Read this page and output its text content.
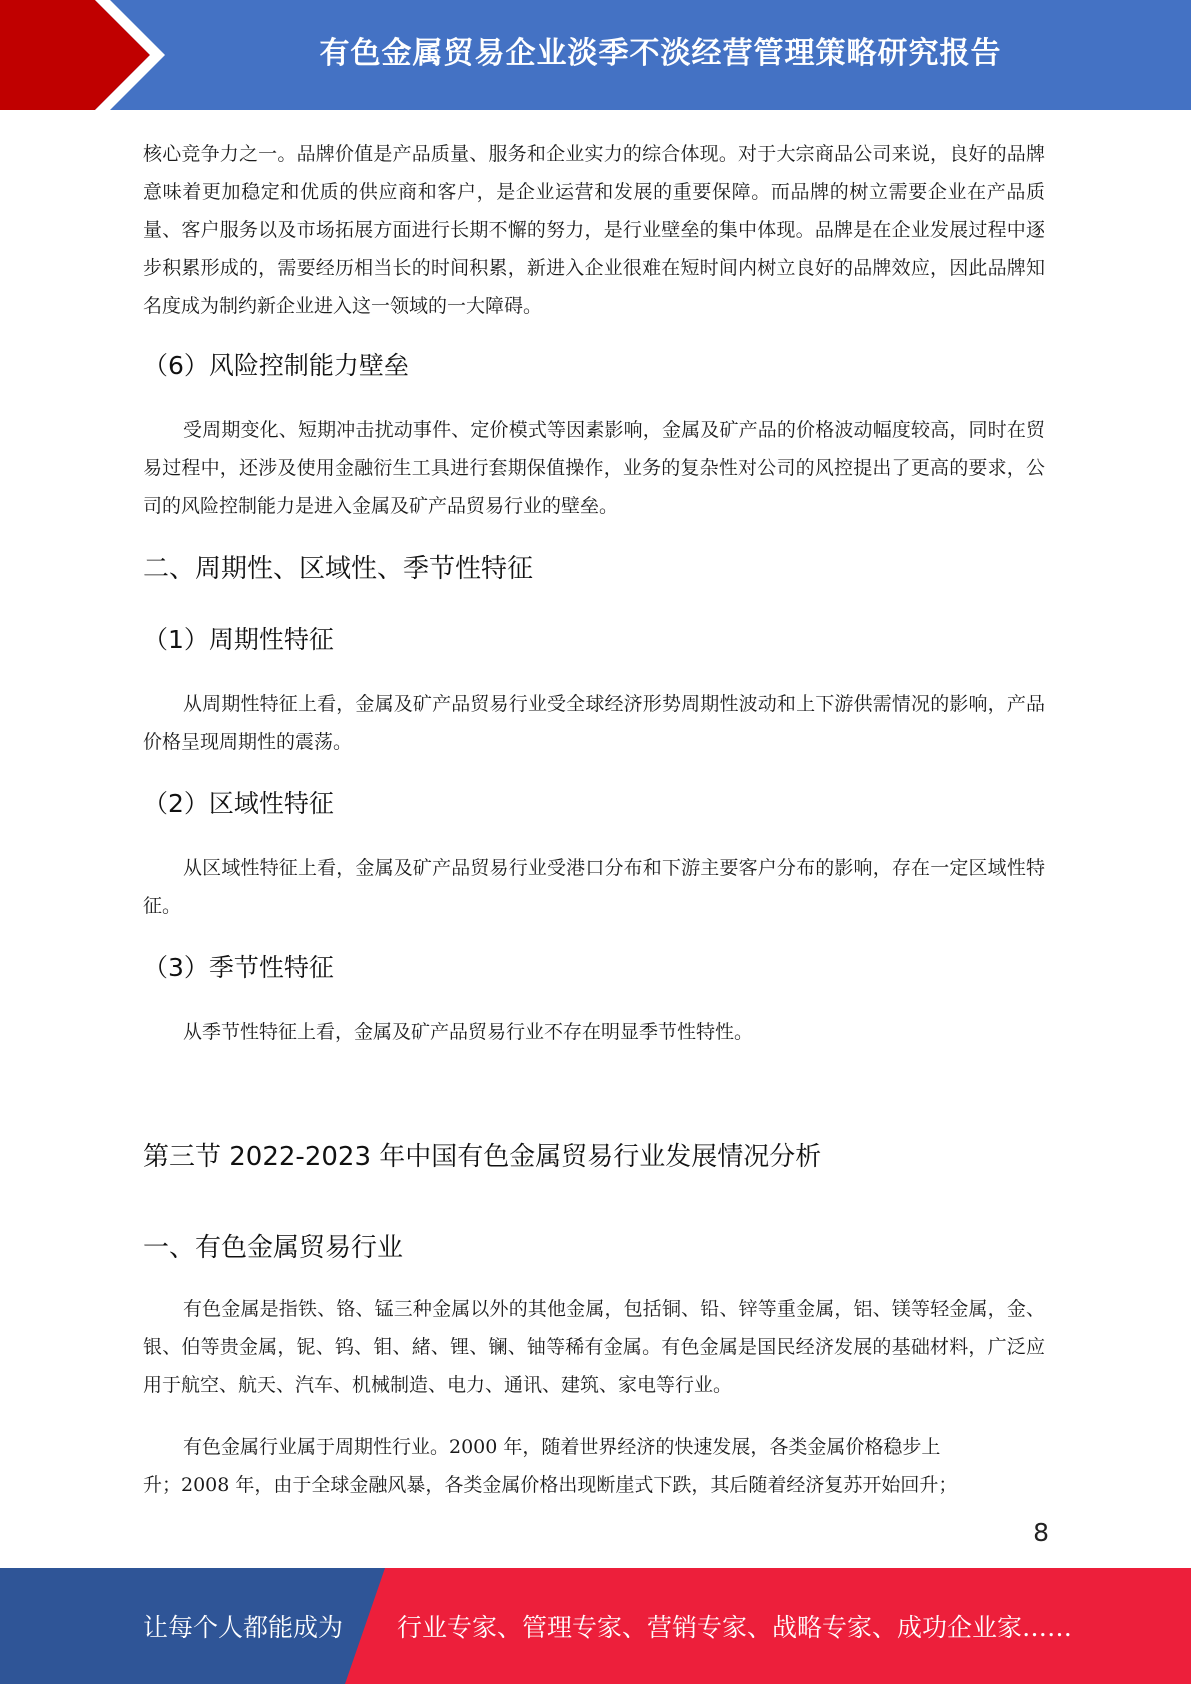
有色金属贸易企业淡季不淡经营管理策略研究报告

核心竞争力之一。品牌价值是产品质量、服务和企业实力的综合体现。对于大宗商品公司来说，良好的品牌意味着更加稳定和优质的供应商和客户，是企业运营和发展的重要保障。而品牌的树立需要企业在产品质量、客户服务以及市场拓展方面进行长期不懈的努力，是行业壁垒的集中体现。品牌是在企业发展过程中逐步积累形成的，需要经历相当长的时间积累，新进入企业很难在短时间内树立良好的品牌效应，因此品牌知名度成为制约新企业进入这一领域的一大障碍。

（6）风险控制能力壁垒

受周期变化、短期冲击扰动事件、定价模式等因素影响，金属及矿产品的价格波动幅度较高，同时在贸易过程中，还涉及使用金融衍生工具进行套期保值操作，业务的复杂性对公司的风控提出了更高的要求，公司的风险控制能力是进入金属及矿产品贸易行业的壁垒。

二、周期性、区域性、季节性特征
（1）周期性特征

从周期性特征上看，金属及矿产品贸易行业受全球经济形势周期性波动和上下游供需情况的影响，产品价格呈现周期性的震荡。

（2）区域性特征

从区域性特征上看，金属及矿产品贸易行业受港口分布和下游主要客户分布的影响，存在一定区域性特征。

（3）季节性特征

从季节性特征上看，金属及矿产品贸易行业不存在明显季节性特性。

第三节 2022-2023 年中国有色金属贸易行业发展情况分析
一、有色金属贸易行业

有色金属是指铁、铬、锰三种金属以外的其他金属，包括铜、铅、锌等重金属，铝、镁等轻金属，金、银、伯等贵金属，铌、钨、钼、緒、锂、镧、铀等稀有金属。有色金属是国民经济发展的基础材料，广泛应用于航空、航天、汽车、机械制造、电力、通讯、建筑、家电等行业。

有色金属行业属于周期性行业。2000 年，随着世界经济的快速发展，各类金属价格稳步上

升；2008 年，由于全球金融风暴，各类金属价格出现断崖式下跌，其后随着经济复苏开始回升；

8
让每个人都能成为 行业专家、管理专家、营销专家、战略专家、成功企业家……
